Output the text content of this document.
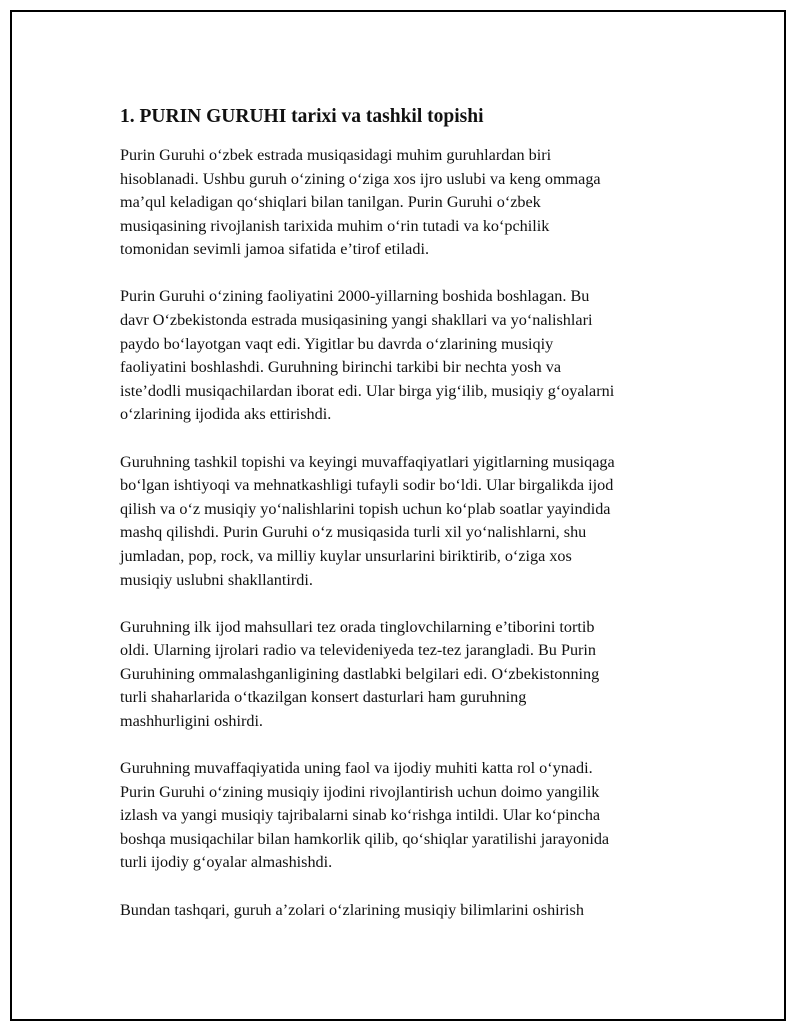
1. PURIN GURUHI tarixi va tashkil topishi

Purin Guruhi o‘zbek estrada musiqasidagi muhim guruhlardan biri
hisoblanadi. Ushbu guruh o‘zining o‘ziga xos ijro uslubi va keng ommaga
ma’qul keladigan qo‘shiqlari bilan tanilgan. Purin Guruhi o‘zbek
musiqasining rivojlanish tarixida muhim o‘rin tutadi va ko‘pchilik
tomonidan sevimli jamoa sifatida e’tirof etiladi.

Purin Guruhi o‘zining faoliyatini 2000-yillarning boshida boshlagan. Bu
davr O‘zbekistonda estrada musiqasining yangi shakllari va yo‘nalishlari
paydo bo‘layotgan vaqt edi. Yigitlar bu davrda o‘zlarining musiqiy
faoliyatini boshlashdi. Guruhning birinchi tarkibi bir nechta yosh va
iste’dodli musiqachilardan iborat edi. Ular birga yig‘ilib, musiqiy g‘oyalarni
o‘zlarining ijodida aks ettirishdi.

Guruhning tashkil topishi va keyingi muvaffaqiyatlari yigitlarning musiqaga
bo‘lgan ishtiyoqi va mehnatkashligi tufayli sodir bo‘ldi. Ular birgalikda ijod
qilish va o‘z musiqiy yo‘nalishlarini topish uchun ko‘plab soatlar yayindida
mashq qilishdi. Purin Guruhi o‘z musiqasida turli xil yo‘nalishlarni, shu
jumladan, pop, rock, va milliy kuylar unsurlarini biriktirib, o‘ziga xos
musiqiy uslubni shakllantirdi.

Guruhning ilk ijod mahsullari tez orada tinglovchilarning e’tiborini tortib
oldi. Ularning ijrolari radio va televideniyeda tez-tez jarangladi. Bu Purin
Guruhining ommalashganligining dastlabki belgilari edi. O‘zbekistonning
turli shaharlarida o‘tkazilgan konsert dasturlari ham guruhning
mashhurligini oshirdi.

Guruhning muvaffaqiyatida uning faol va ijodiy muhiti katta rol o‘ynadi.
Purin Guruhi o‘zining musiqiy ijodini rivojlantirish uchun doimo yangilik
izlash va yangi musiqiy tajribalarni sinab ko‘rishga intildi. Ular ko‘pincha
boshqa musiqachilar bilan hamkorlik qilib, qo‘shiqlar yaratilishi jarayonida
turli ijodiy g‘oyalar almashishdi.

Bundan tashqari, guruh a’zolari o‘zlarining musiqiy bilimlarini oshirish
